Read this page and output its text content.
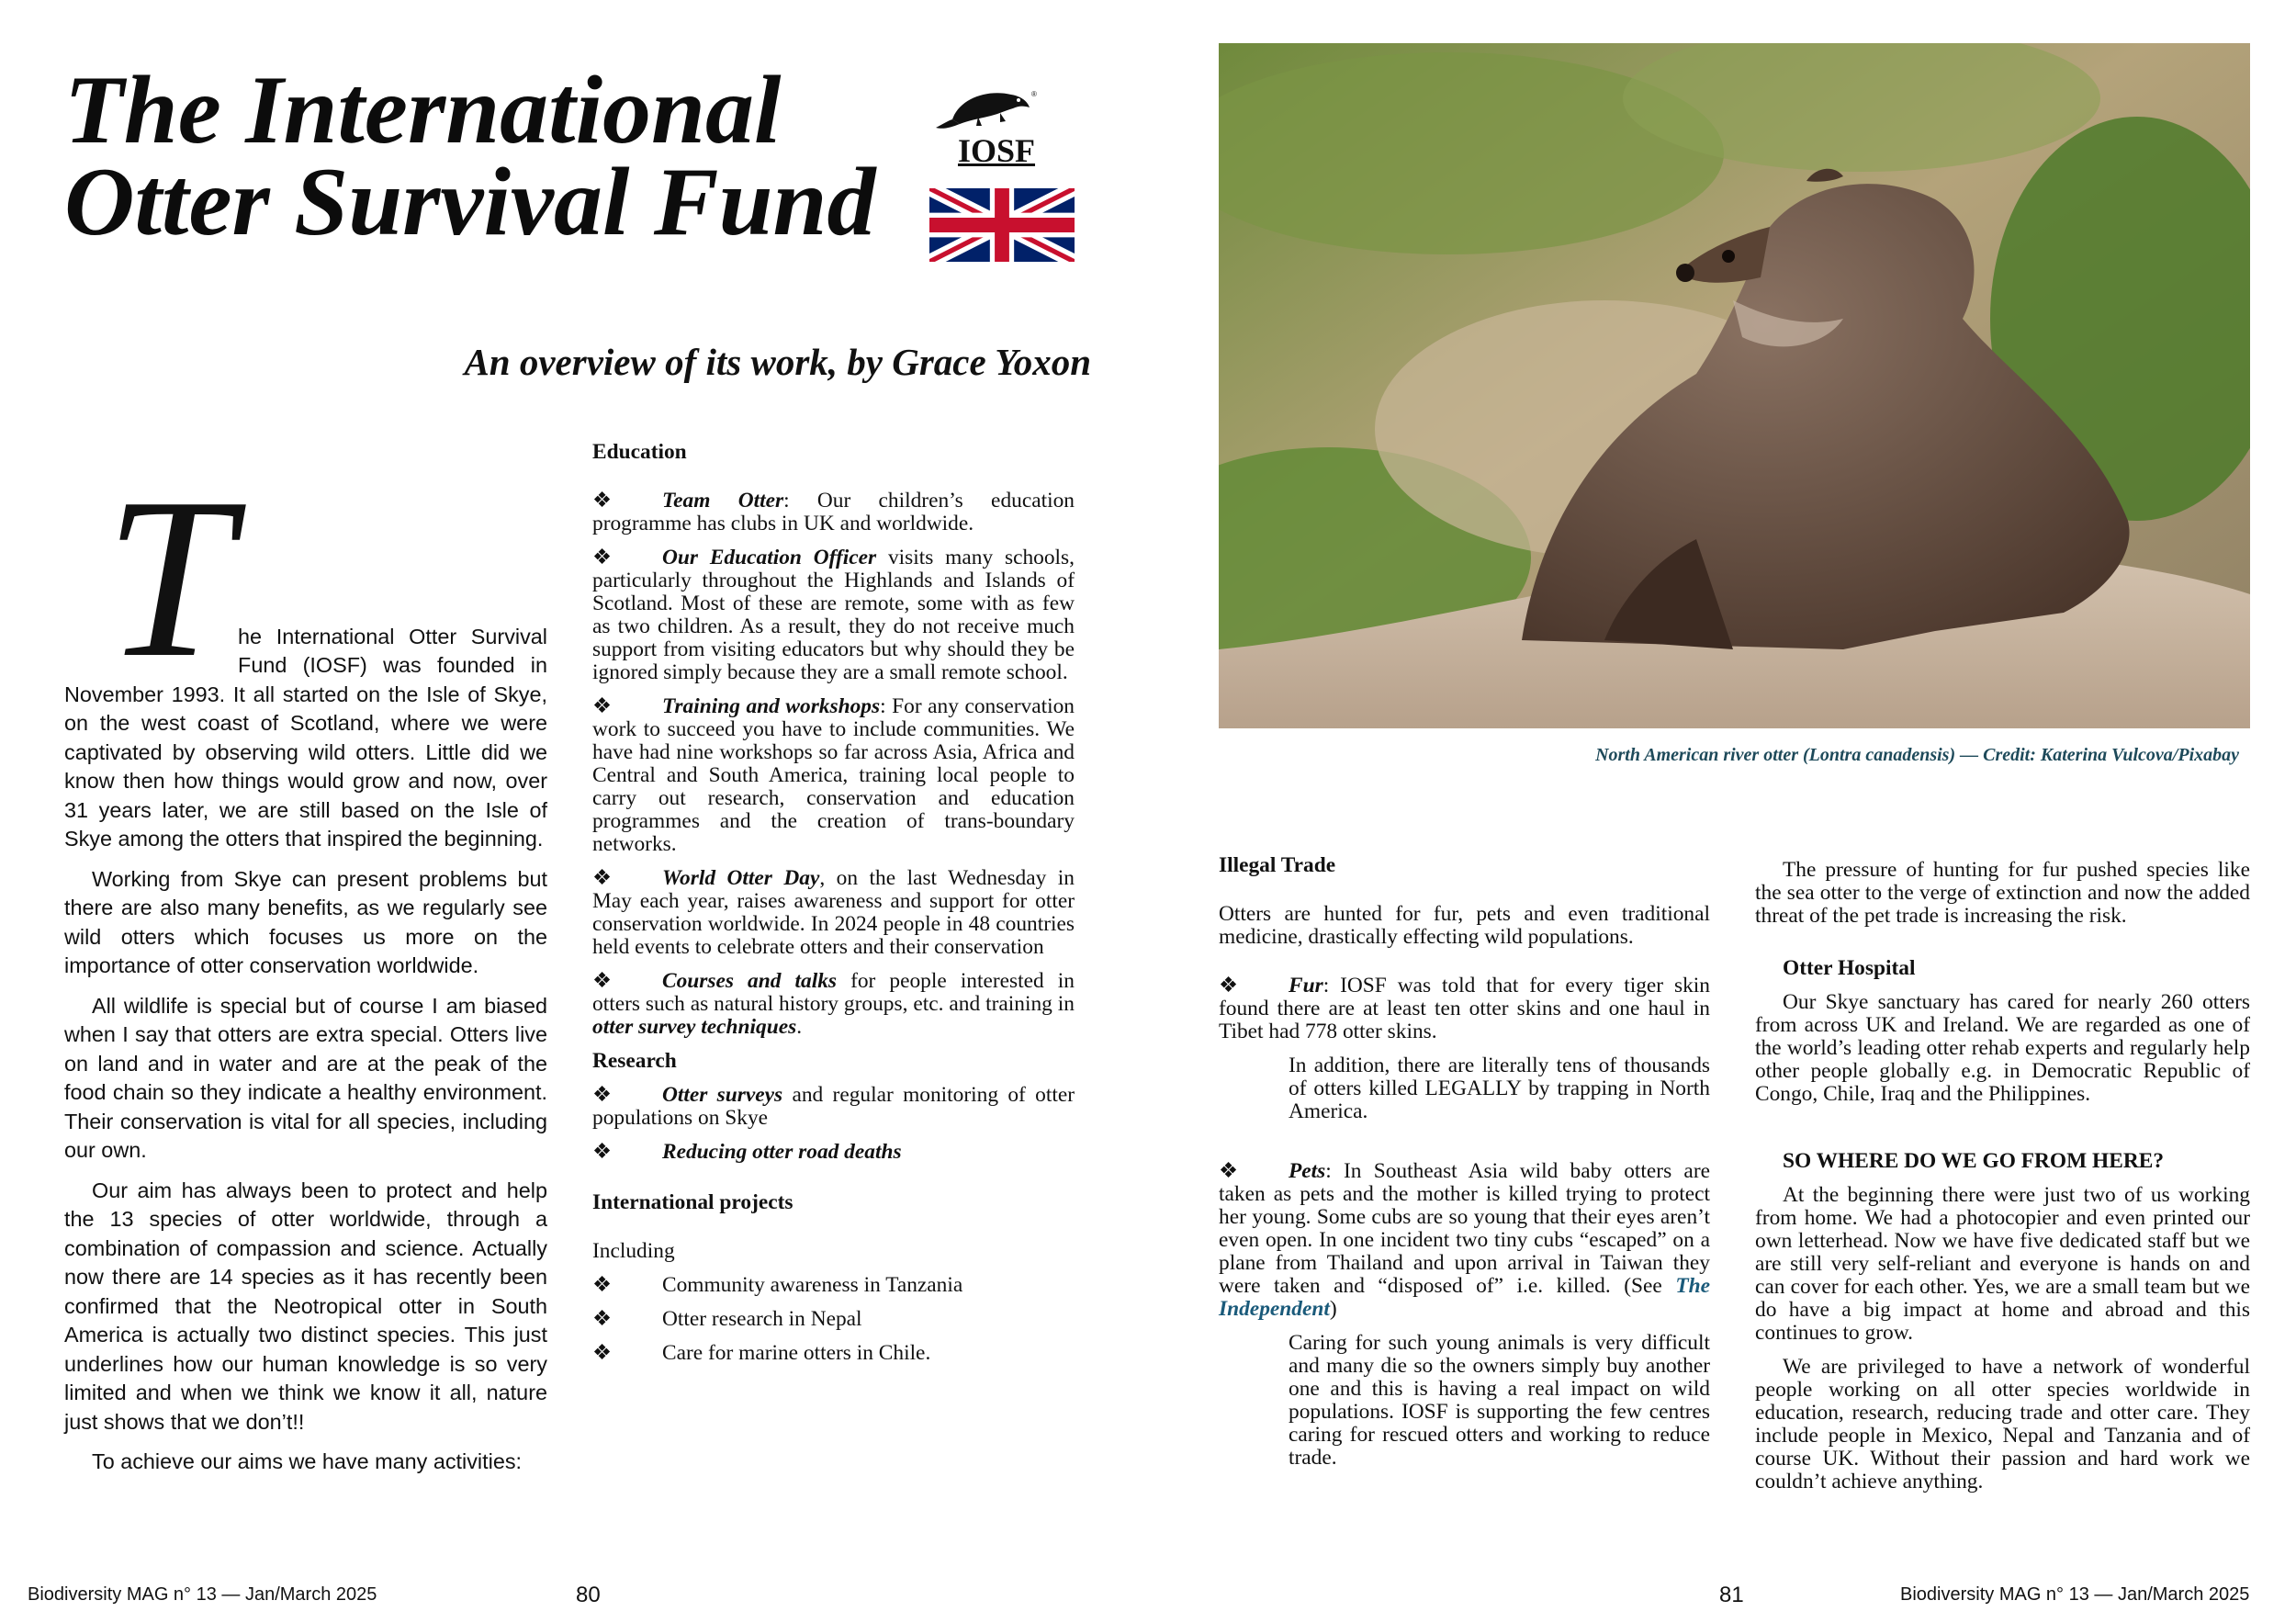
The International
Otter Survival Fund
®
IOSF
An overview of its work, by Grace Yoxon
T he International Otter Survival Fund (IOSF) was founded in November 1993. It all started on the Isle of Skye, on the west coast of Scotland, where we were captivated by observing wild otters. Little did we know then how things would grow and now, over 31 years later, we are still based on the Isle of Skye among the otters that inspired the beginning.

Working from Skye can present problems but there are also many benefits, as we regularly see wild otters which focuses us more on the importance of otter conservation worldwide.

All wildlife is special but of course I am biased when I say that otters are extra special. Otters live on land and in water and are at the peak of the food chain so they indicate a healthy environment. Their conservation is vital for all species, including our own.

Our aim has always been to protect and help the 13 species of otter worldwide, through a combination of compassion and science. Actually now there are 14 species as it has recently been confirmed that the Neotropical otter in South America is actually two distinct species. This just underlines how our human knowledge is so very limited and when we think we know it all, nature just shows that we don’t!!

To achieve our aims we have many activities:

Education

❖ Team Otter: Our children’s education programme has clubs in UK and worldwide.

❖ Our Education Officer visits many schools, particularly throughout the Highlands and Islands of Scotland. Most of these are remote, some with as few as two children. As a result, they do not receive much support from visiting educators but why should they be ignored simply because they are a small remote school.

❖ Training and workshops: For any conservation work to succeed you have to include communities. We have had nine workshops so far across Asia, Africa and Central and South America, training local people to carry out research, conservation and education programmes and the creation of trans-boundary networks.

❖ World Otter Day, on the last Wednesday in May each year, raises awareness and support for otter conservation worldwide. In 2024 people in 48 countries held events to celebrate otters and their conservation

❖ Courses and talks for people interested in otters such as natural history groups, etc. and training in otter survey techniques.

Research

❖ Otter surveys and regular monitoring of otter populations on Skye

❖ Reducing otter road deaths

International projects

Including

❖ Community awareness in Tanzania

❖ Otter research in Nepal

❖ Care for marine otters in Chile.

North American river otter (Lontra canadensis) — Credit: Katerina Vulcova/Pixabay

Illegal Trade

Otters are hunted for fur, pets and even traditional medicine, drastically effecting wild populations.

❖ Fur: IOSF was told that for every tiger skin found there are at least ten otter skins and one haul in Tibet had 778 otter skins.

In addition, there are literally tens of thousands of otters killed LEGALLY by trapping in North America.

❖ Pets: In Southeast Asia wild baby otters are taken as pets and the mother is killed trying to protect her young. Some cubs are so young that their eyes aren’t even open. In one incident two tiny cubs “escaped” on a plane from Thailand and upon arrival in Taiwan they were taken and “disposed of” i.e. killed. (See The Independent)

Caring for such young animals is very difficult and many die so the owners simply buy another one and this is having a real impact on wild populations. IOSF is supporting the few centres caring for rescued otters and working to reduce trade.

The pressure of hunting for fur pushed species like the sea otter to the verge of extinction and now the added threat of the pet trade is increasing the risk.

Otter Hospital

Our Skye sanctuary has cared for nearly 260 otters from across UK and Ireland. We are regarded as one of the world’s leading otter rehab experts and regularly help other people globally e.g. in Democratic Republic of Congo, Chile, Iraq and the Philippines.

SO WHERE DO WE GO FROM HERE?

At the beginning there were just two of us working from home. We had a photocopier and even printed our own letterhead. Now we have five dedicated staff but we are still very self-reliant and everyone is hands on and can cover for each other. Yes, we are a small team but we do have a big impact at home and abroad and this continues to grow.

We are privileged to have a network of wonderful people working on all otter species worldwide in education, research, reducing trade and otter care. They include people in Mexico, Nepal and Tanzania and of course UK. Without their passion and hard work we couldn’t achieve anything.

Biodiversity MAG n° 13 — Jan/March 2025	80	81	Biodiversity MAG n° 13 — Jan/March 2025
